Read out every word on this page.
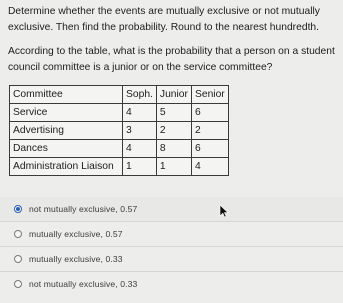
Determine whether the events are mutually exclusive or not mutually exclusive. Then find the probability. Round to the nearest hundredth.

According to the table, what is the probability that a person on a student council committee is a junior or on the service committee?

Committee	Soph.	Junior	Senior
Service	4	5	6
Advertising	3	2	2
Dances	4	8	6
Administration Liaison	1	1	4
not mutually exclusive, 0.57
mutually exclusive, 0.57
mutually exclusive, 0.33
not mutually exclusive, 0.33
